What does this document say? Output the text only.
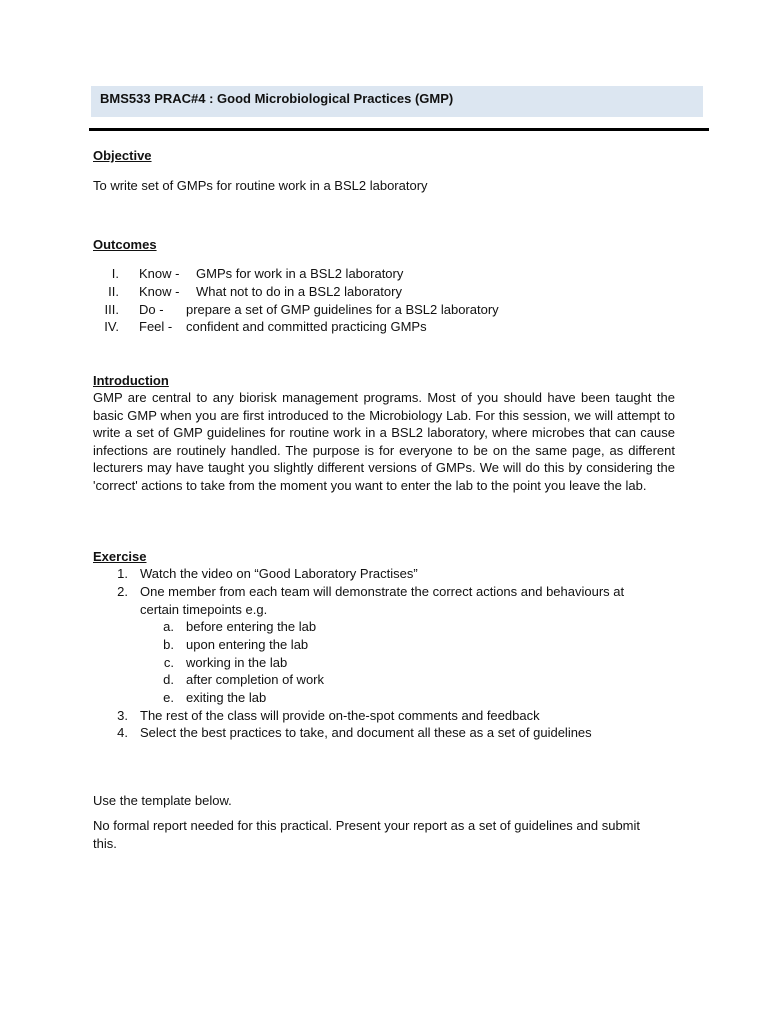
BMS533 PRAC#4 : Good Microbiological Practices (GMP)
Objective
To write set of GMPs for routine work in a BSL2 laboratory
Outcomes
I. Know - GMPs for work in a BSL2 laboratory
II. Know - What not to do in a BSL2 laboratory
III. Do - prepare a set of GMP guidelines for a BSL2 laboratory
IV. Feel - confident and committed practicing GMPs
Introduction
GMP are central to any biorisk management programs. Most of you should have been taught the basic GMP when you are first introduced to the Microbiology Lab. For this session, we will attempt to write a set of GMP guidelines for routine work in a BSL2 laboratory, where microbes that can cause infections are routinely handled. The purpose is for everyone to be on the same page, as different lecturers may have taught you slightly different versions of GMPs. We will do this by considering the 'correct' actions to take from the moment you want to enter the lab to the point you leave the lab.
Exercise
1. Watch the video on “Good Laboratory Practises”
2. One member from each team will demonstrate the correct actions and behaviours at
certain timepoints e.g.
a. before entering the lab
b. upon entering the lab
c. working in the lab
d. after completion of work
e. exiting the lab
3. The rest of the class will provide on-the-spot comments and feedback
4. Select the best practices to take, and document all these as a set of guidelines
Use the template below.
No formal report needed for this practical. Present your report as a set of guidelines and submit this.
